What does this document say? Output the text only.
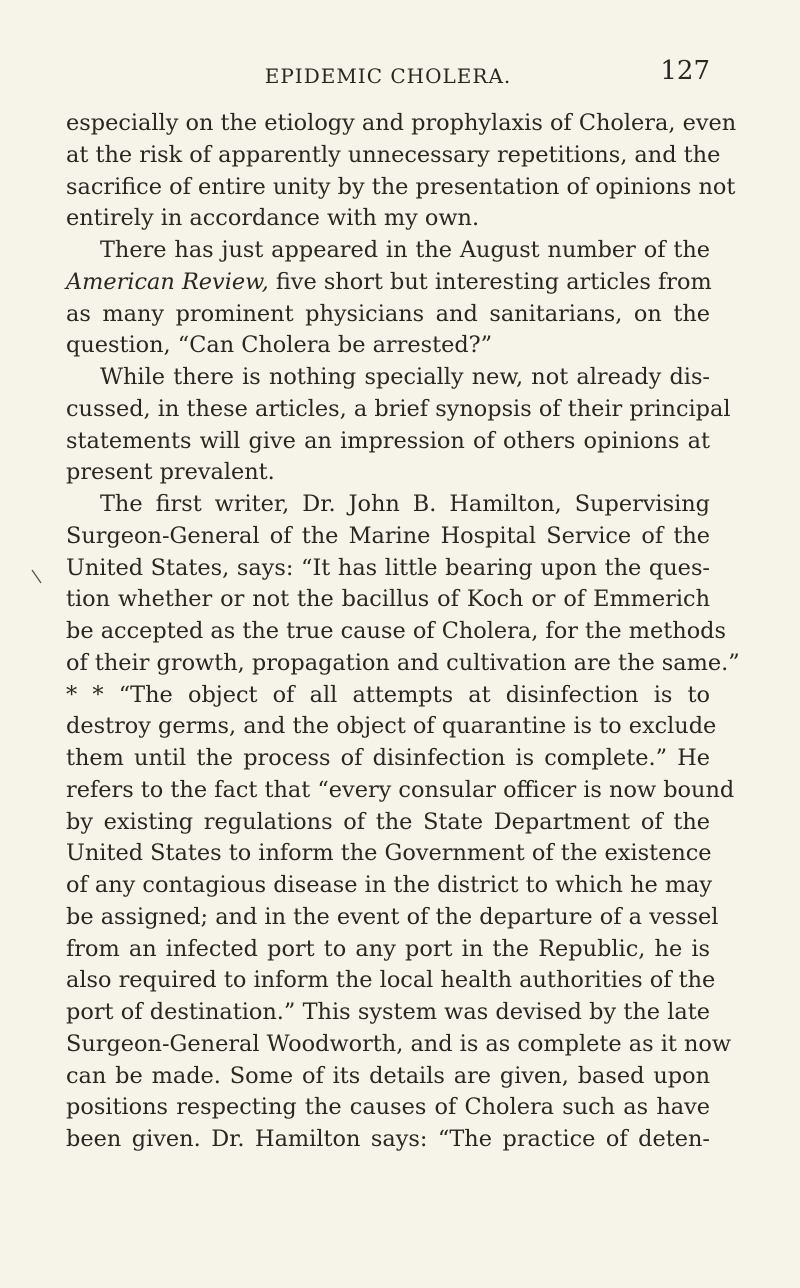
EPIDEMIC CHOLERA.	127
especially on the etiology and prophylaxis of Cholera, even
at the risk of apparently unnecessary repetitions, and the
sacrifice of entire unity by the presentation of opinions not
entirely in accordance with my own.
There has just appeared in the August number of the
American Review, five short but interesting articles from
as many prominent physicians and sanitarians, on the
question, “Can Cholera be arrested?”
While there is nothing specially new, not already dis-
cussed, in these articles, a brief synopsis of their principal
statements will give an impression of others opinions at
present prevalent.
The first writer, Dr. John B. Hamilton, Supervising
Surgeon-General of the Marine Hospital Service of the
United States, says: “It has little bearing upon the ques-
tion whether or not the bacillus of Koch or of Emmerich
be accepted as the true cause of Cholera, for the methods
of their growth, propagation and cultivation are the same.”
* * “The object of all attempts at disinfection is to
destroy germs, and the object of quarantine is to exclude
them until the process of disinfection is complete.” He
refers to the fact that “every consular officer is now bound
by existing regulations of the State Department of the
United States to inform the Government of the existence
of any contagious disease in the district to which he may
be assigned; and in the event of the departure of a vessel
from an infected port to any port in the Republic, he is
also required to inform the local health authorities of the
port of destination.” This system was devised by the late
Surgeon-General Woodworth, and is as complete as it now
can be made. Some of its details are given, based upon
positions respecting the causes of Cholera such as have
been given. Dr. Hamilton says: “The practice of deten-
